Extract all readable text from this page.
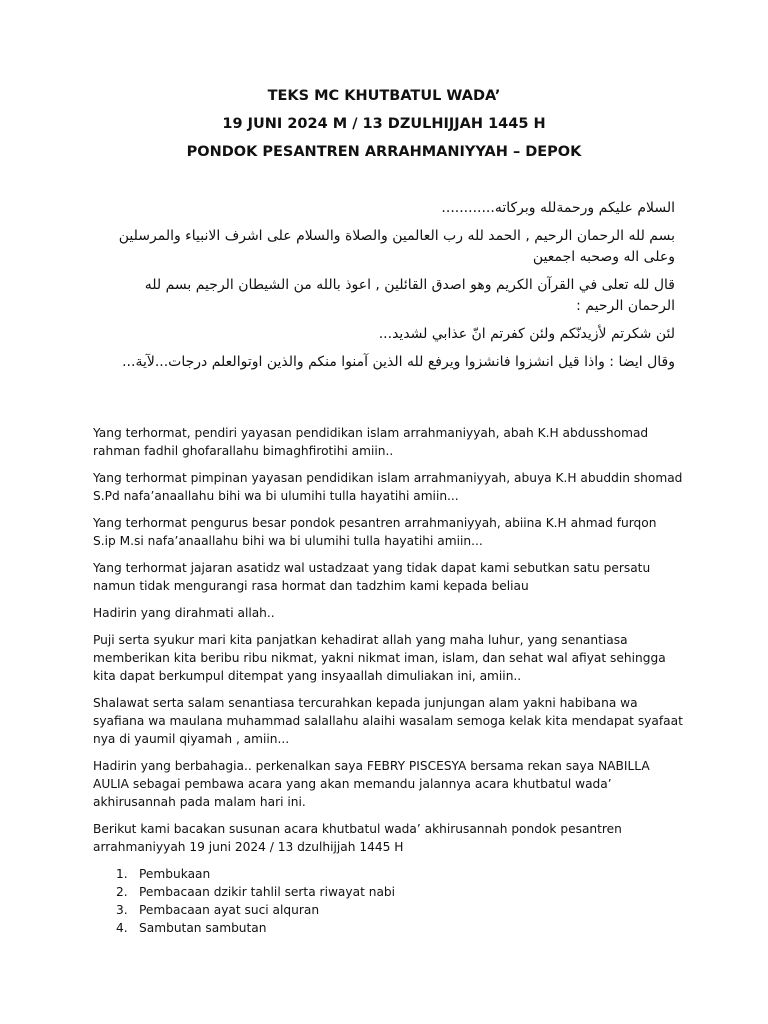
TEKS MC KHUTBATUL WADA’
19 JUNI 2024 M / 13 DZULHIJJAH 1445 H
PONDOK PESANTREN ARRAHMANIYYAH – DEPOK

السلام عليكم ورحمةلله وبركاته............

بسم لله الرحمان الرحيم , الحمد لله رب العالمين والصلاة والسلام على اشرف الانبياء والمرسلين وعلى اله وصحبه اجمعين

قال لله تعلى في القرآن الكريم وهو اصدق القائلين , اعوذ بالله من الشيطان الرجيم بسم لله الرحمان الرحيم :

لئن شكرتم لأزيدنّكم ولئن كفرتم انّ عذابي لشديد...

وقال ايضا : واذا قيل انشزوا فانشزوا ويرفع لله الذين آمنوا منكم والذين اوتوالعلم درجات...لآية...

Yang terhormat, pendiri yayasan pendidikan islam arrahmaniyyah, abah K.H abdusshomad rahman fadhil ghofarallahu bimaghfirotihi amiin..

Yang terhormat pimpinan yayasan pendidikan islam arrahmaniyyah, abuya K.H abuddin shomad S.Pd nafa’anaallahu bihi wa bi ulumihi tulla hayatihi amiin...

Yang terhormat pengurus besar pondok pesantren arrahmaniyyah, abiina K.H ahmad furqon S.ip M.si nafa’anaallahu bihi wa bi ulumihi tulla hayatihi amiin...

Yang terhormat jajaran asatidz wal ustadzaat yang tidak dapat kami sebutkan satu persatu namun tidak mengurangi rasa hormat dan tadzhim kami kepada beliau

Hadirin yang dirahmati allah..

Puji serta syukur mari kita panjatkan kehadirat allah yang maha luhur, yang senantiasa memberikan kita beribu ribu nikmat, yakni nikmat iman, islam, dan sehat wal afiyat sehingga kita dapat berkumpul ditempat yang insyaallah dimuliakan ini, amiin..

Shalawat serta salam senantiasa tercurahkan kepada junjungan alam yakni habibana wa syafiana wa maulana muhammad salallahu alaihi wasalam semoga kelak kita mendapat syafaat nya di yaumil qiyamah , amiin...

Hadirin yang berbahagia.. perkenalkan saya FEBRY PISCESYA bersama rekan saya NABILLA AULIA sebagai pembawa acara yang akan memandu jalannya acara khutbatul wada’ akhirusannah pada malam hari ini.

Berikut kami bacakan susunan acara khutbatul wada’ akhirusannah pondok pesantren arrahmaniyyah 19 juni 2024 / 13 dzulhijjah 1445 H

1. Pembukaan
2. Pembacaan dzikir tahlil serta riwayat nabi
3. Pembacaan ayat suci alquran
4. Sambutan sambutan
